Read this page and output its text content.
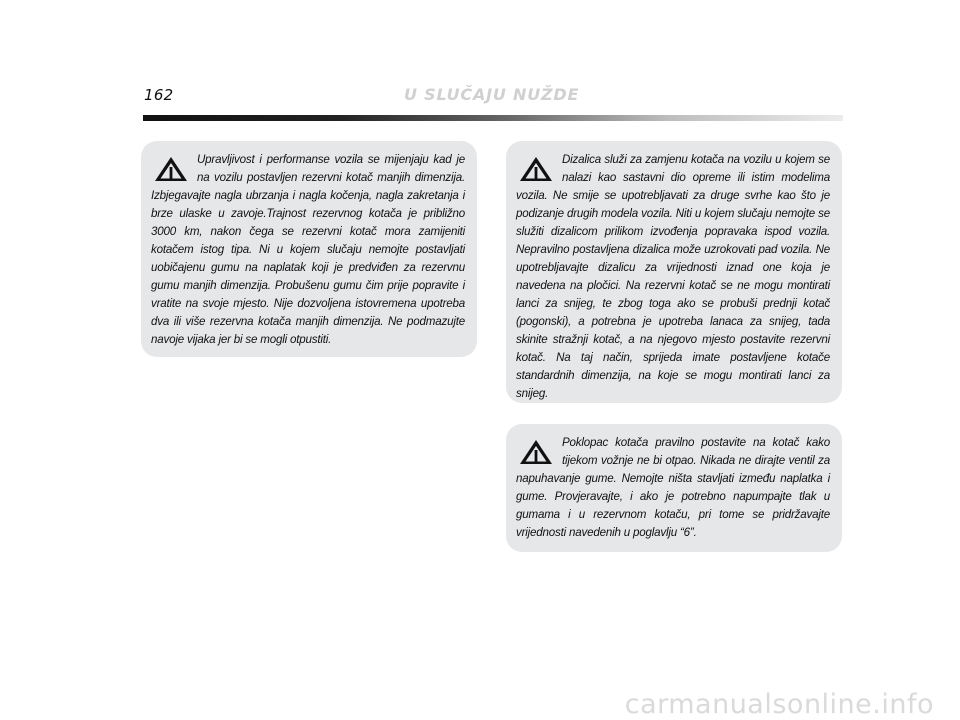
162	U SLUČAJU NUŽDE

Upravljivost i performanse vozila se mijenjaju kad je na vozilu postavljen rezervni kotač manjih dimenzija. Izbjegavajte nagla ubrzanja i nagla kočenja, nagla zakretanja i brze ulaske u zavoje.Trajnost rezervnog kotača je približno 3000 km, nakon čega se rezervni kotač mora zamijeniti kotačem istog tipa. Ni u kojem slučaju nemojte postavljati uobičajenu gumu na naplatak koji je predviđen za rezervnu gumu manjih dimenzija. Probušenu gumu čim prije popravite i vratite na svoje mjesto. Nije dozvoljena istovremena upotreba dva ili više rezervna kotača manjih dimenzija. Ne podmazujte navoje vijaka jer bi se mogli otpustiti.

Dizalica služi za zamjenu kotača na vozilu u kojem se nalazi kao sastavni dio opreme ili istim modelima vozila. Ne smije se upotrebljavati za druge svrhe kao što je podizanje drugih modela vozila. Niti u kojem slučaju nemojte se služiti dizalicom prilikom izvođenja popravaka ispod vozila. Nepravilno postavljena dizalica može uzrokovati pad vozila. Ne upotrebljavajte dizalicu za vrijednosti iznad one koja je navedena na pločici. Na rezervni kotač se ne mogu montirati lanci za snijeg, te zbog toga ako se probuši prednji kotač (pogonski), a potrebna je upotreba lanaca za snijeg, tada skinite stražnji kotač, a na njegovo mjesto postavite rezervni kotač. Na taj način, sprijeda imate postavljene kotače standardnih dimenzija, na koje se mogu montirati lanci za snijeg.

Poklopac kotača pravilno postavite na kotač kako tijekom vožnje ne bi otpao. Nikada ne dirajte ventil za napuhavanje gume. Nemojte ništa stavljati između naplatka i gume. Provjeravajte, i ako je potrebno napumpajte tlak u gumama i u rezervnom kotaču, pri tome se pridržavajte vrijednosti navedenih u poglavlju “6”.

carmanualsonline.info
